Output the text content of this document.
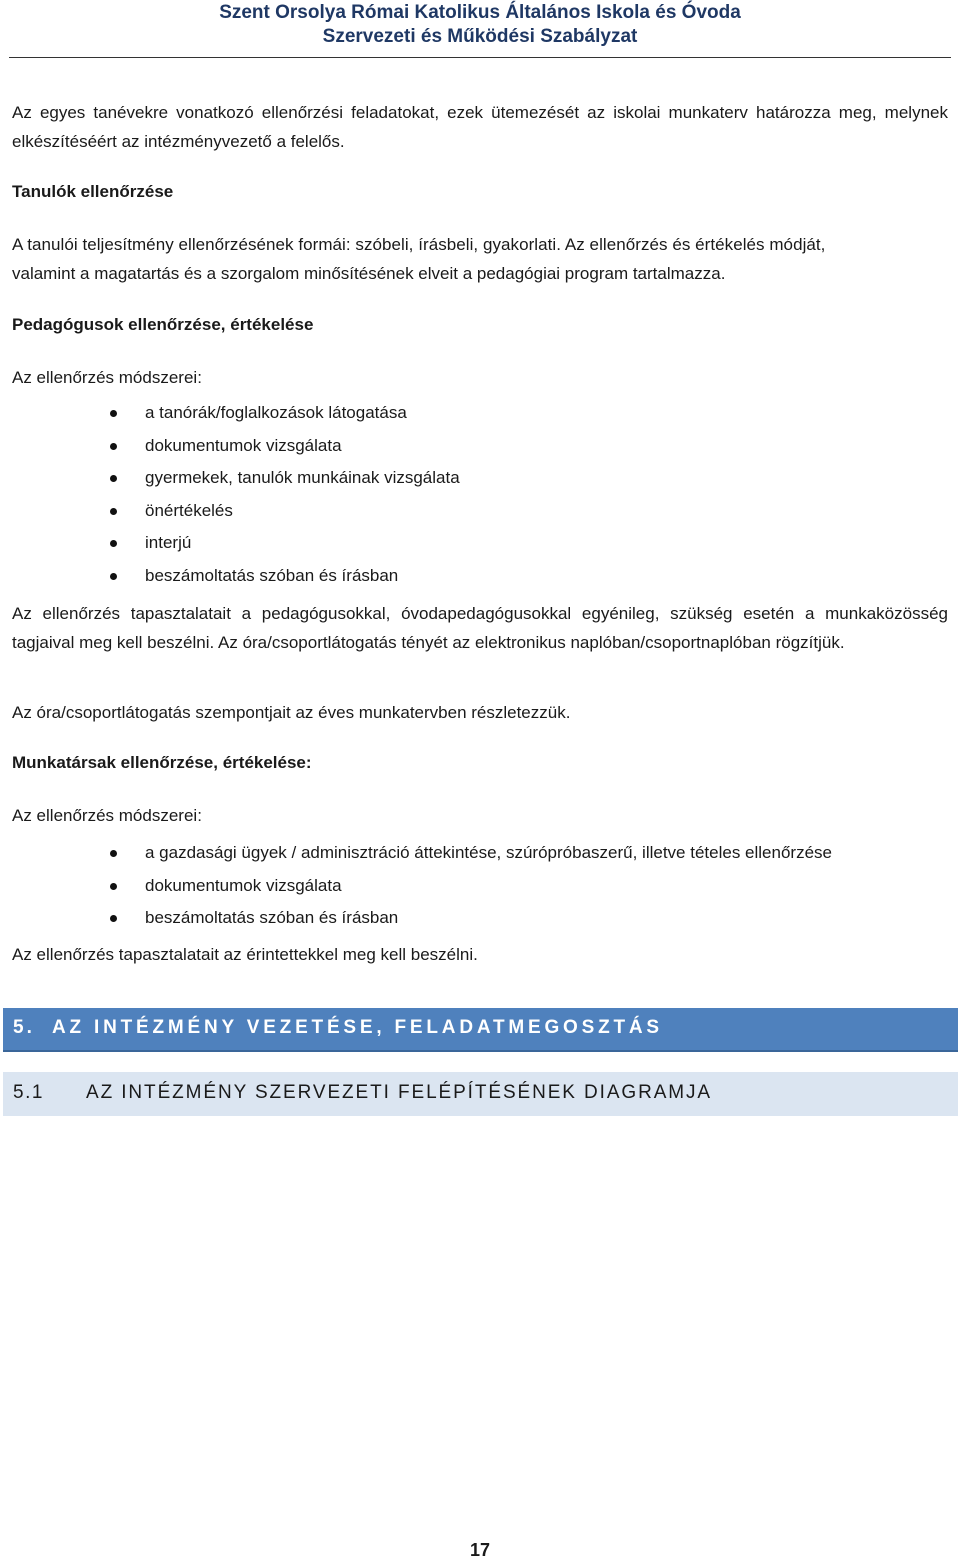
Szent Orsolya Római Katolikus Általános Iskola és Óvoda
Szervezeti és Működési Szabályzat

Az egyes tanévekre vonatkozó ellenőrzési feladatokat, ezek ütemezését az iskolai munkaterv határozza meg, melynek elkészítéséért az intézményvezető a felelős.

Tanulók ellenőrzése

A tanulói teljesítmény ellenőrzésének formái: szóbeli, írásbeli, gyakorlati. Az ellenőrzés és értékelés módját,

valamint a magatartás és a szorgalom minősítésének elveit a pedagógiai program tartalmazza.

Pedagógusok ellenőrzése, értékelése

Az ellenőrzés módszerei:

a tanórák/foglalkozások látogatása
dokumentumok vizsgálata
gyermekek, tanulók munkáinak vizsgálata
önértékelés
interjú
beszámoltatás szóban és írásban

Az ellenőrzés tapasztalatait a pedagógusokkal, óvodapedagógusokkal egyénileg, szükség esetén a munkaközösség tagjaival meg kell beszélni. Az óra/csoportlátogatás tényét az elektronikus naplóban/csoportnaplóban rögzítjük.

Az óra/csoportlátogatás szempontjait az éves munkatervben részletezzük.

Munkatársak ellenőrzése, értékelése:

Az ellenőrzés módszerei:

a gazdasági ügyek / adminisztráció áttekintése, szúrópróbaszerű, illetve tételes ellenőrzése
dokumentumok vizsgálata
beszámoltatás szóban és írásban

Az ellenőrzés tapasztalatait az érintettekkel meg kell beszélni.

5. AZ INTÉZMÉNY VEZETÉSE, FELADATMEGOSZTÁS
5.1 AZ INTÉZMÉNY SZERVEZETI FELÉPÍTÉSÉNEK DIAGRAMJA
17
